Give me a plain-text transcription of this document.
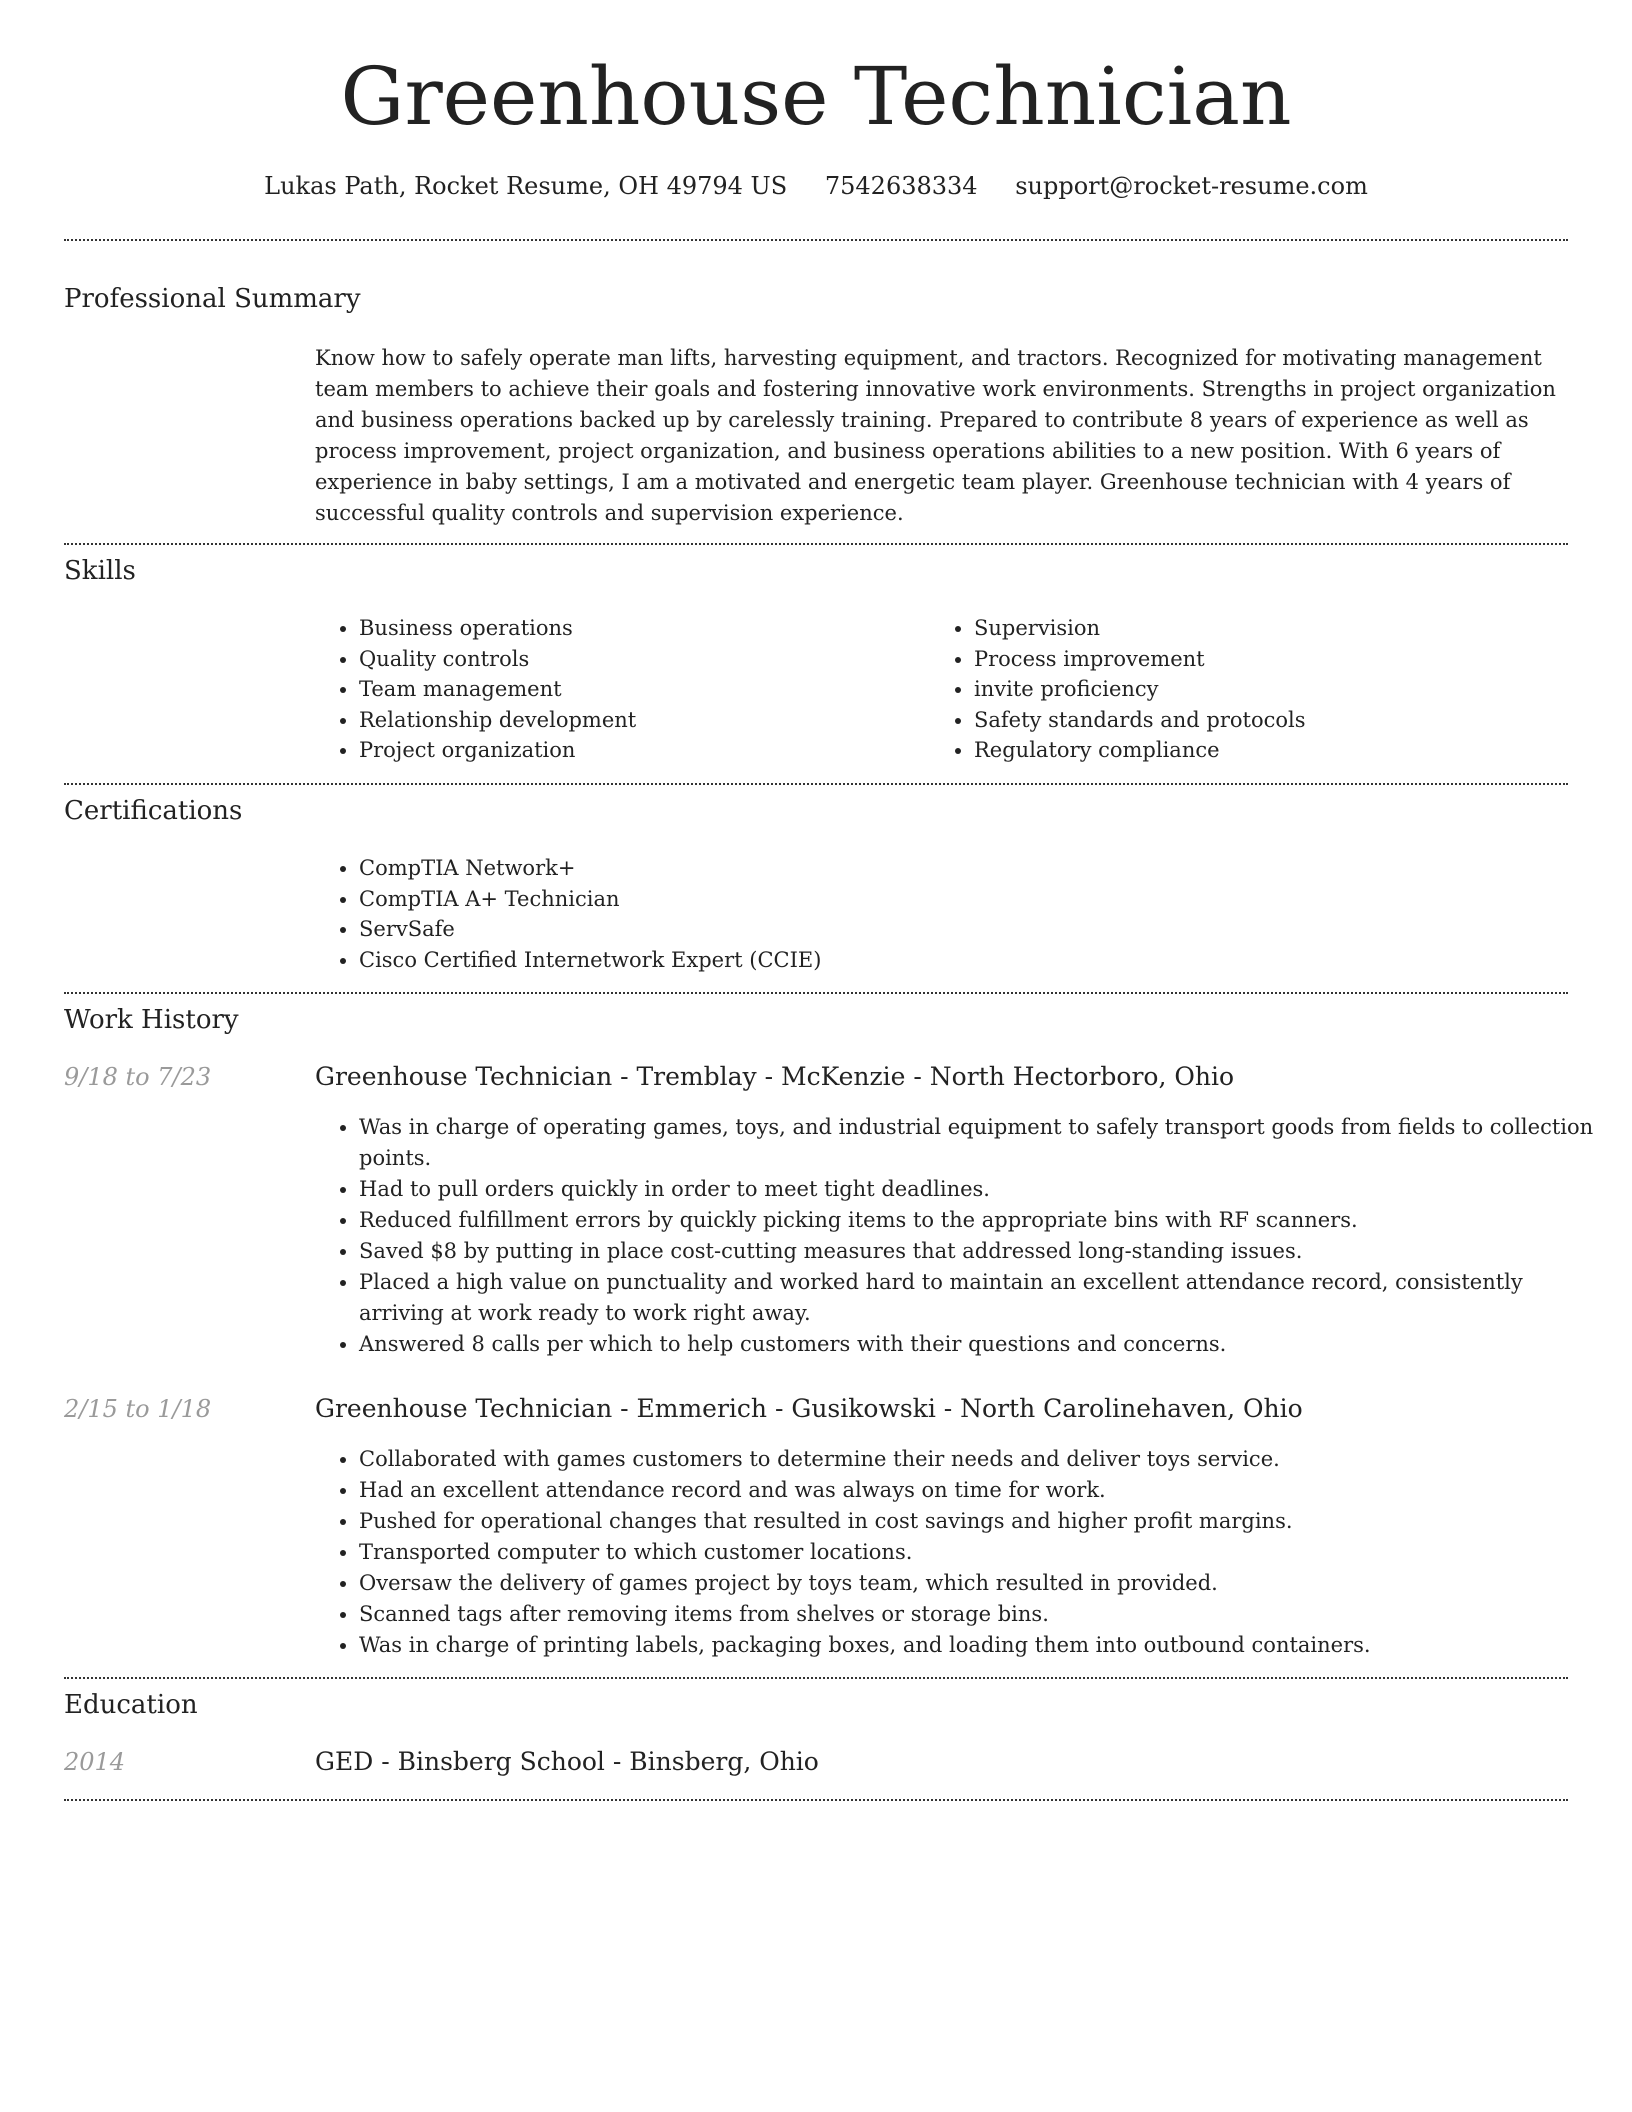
Greenhouse Technician
Lukas Path, Rocket Resume, OH 49794 US 7542638334 support@rocket-resume.com
Professional Summary

Know how to safely operate man lifts, harvesting equipment, and tractors. Recognized for motivating management team members to achieve their goals and fostering innovative work environments. Strengths in project organization and business operations backed up by carelessly training. Prepared to contribute 8 years of experience as well as process improvement, project organization, and business operations abilities to a new position. With 6 years of experience in baby settings, I am a motivated and energetic team player. Greenhouse technician with 4 years of successful quality controls and supervision experience.

Skills
• Business operations
• Quality controls
• Team management
• Relationship development
• Project organization
• Supervision
• Process improvement
• invite proficiency
• Safety standards and protocols
• Regulatory compliance
Certifications
• CompTIA Network+
• CompTIA A+ Technician
• ServSafe
• Cisco Certified Internetwork Expert (CCIE)
Work History
9/18 to 7/23	Greenhouse Technician - Tremblay - McKenzie - North Hectorboro, Ohio
• Was in charge of operating games, toys, and industrial equipment to safely transport goods from fields to collection points.
• Had to pull orders quickly in order to meet tight deadlines.
• Reduced fulfillment errors by quickly picking items to the appropriate bins with RF scanners.
• Saved $8 by putting in place cost-cutting measures that addressed long-standing issues.
• Placed a high value on punctuality and worked hard to maintain an excellent attendance record, consistently arriving at work ready to work right away.
• Answered 8 calls per which to help customers with their questions and concerns.
2/15 to 1/18	Greenhouse Technician - Emmerich - Gusikowski - North Carolinehaven, Ohio
• Collaborated with games customers to determine their needs and deliver toys service.
• Had an excellent attendance record and was always on time for work.
• Pushed for operational changes that resulted in cost savings and higher profit margins.
• Transported computer to which customer locations.
• Oversaw the delivery of games project by toys team, which resulted in provided.
• Scanned tags after removing items from shelves or storage bins.
• Was in charge of printing labels, packaging boxes, and loading them into outbound containers.
Education
2014	GED - Binsberg School - Binsberg, Ohio
